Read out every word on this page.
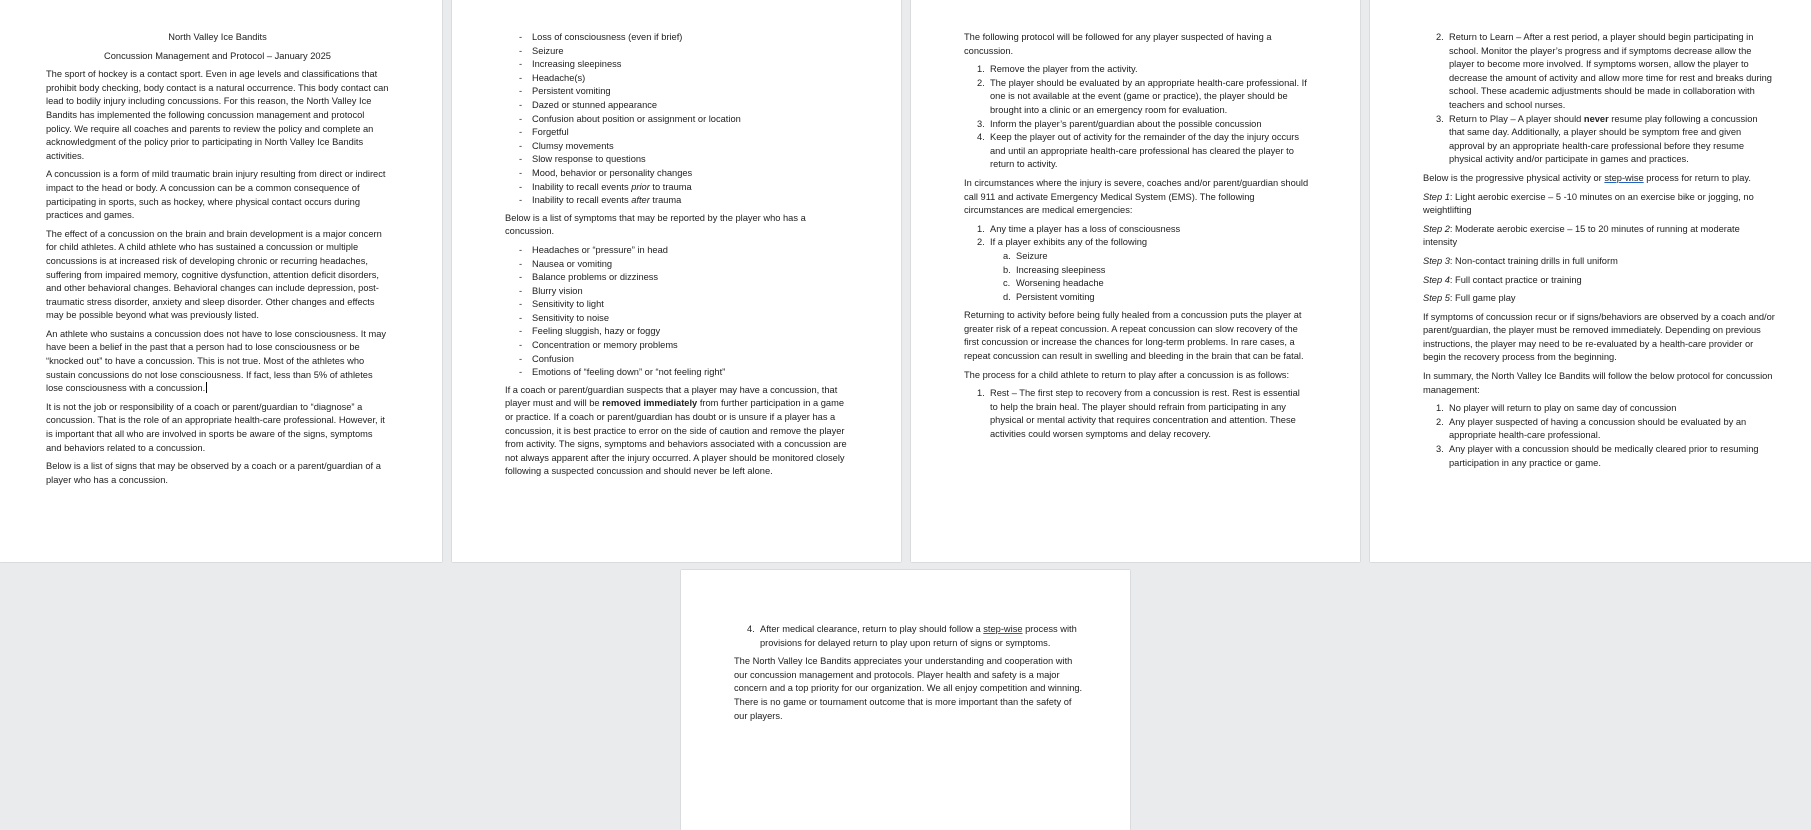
North Valley Ice Bandits

Concussion Management and Protocol – January 2025

The sport of hockey is a contact sport. Even in age levels and classifications that prohibit body checking, body contact is a natural occurrence. This body contact can lead to bodily injury including concussions. For this reason, the North Valley Ice Bandits has implemented the following concussion management and protocol policy. We require all coaches and parents to review the policy and complete an acknowledgment of the policy prior to participating in North Valley Ice Bandits activities.

A concussion is a form of mild traumatic brain injury resulting from direct or indirect impact to the head or body. A concussion can be a common consequence of participating in sports, such as hockey, where physical contact occurs during practices and games.

The effect of a concussion on the brain and brain development is a major concern for child athletes. A child athlete who has sustained a concussion or multiple concussions is at increased risk of developing chronic or recurring headaches, suffering from impaired memory, cognitive dysfunction, attention deficit disorders, and other behavioral changes. Behavioral changes can include depression, post-traumatic stress disorder, anxiety and sleep disorder. Other changes and effects may be possible beyond what was previously listed.

An athlete who sustains a concussion does not have to lose consciousness. It may have been a belief in the past that a person had to lose consciousness or be “knocked out” to have a concussion. This is not true. Most of the athletes who sustain concussions do not lose consciousness. If fact, less than 5% of athletes lose consciousness with a concussion.

It is not the job or responsibility of a coach or parent/guardian to “diagnose” a concussion. That is the role of an appropriate health-care professional. However, it is important that all who are involved in sports be aware of the signs, symptoms and behaviors related to a concussion.

Below is a list of signs that may be observed by a coach or a parent/guardian of a player who has a concussion.

- Loss of consciousness (even if brief)
- Seizure
- Increasing sleepiness
- Headache(s)
- Persistent vomiting
- Dazed or stunned appearance
- Confusion about position or assignment or location
- Forgetful
- Clumsy movements
- Slow response to questions
- Mood, behavior or personality changes
- Inability to recall events prior to trauma
- Inability to recall events after trauma

Below is a list of symptoms that may be reported by the player who has a concussion.

- Headaches or “pressure” in head
- Nausea or vomiting
- Balance problems or dizziness
- Blurry vision
- Sensitivity to light
- Sensitivity to noise
- Feeling sluggish, hazy or foggy
- Concentration or memory problems
- Confusion
- Emotions of “feeling down” or “not feeling right”

If a coach or parent/guardian suspects that a player may have a concussion, that player must and will be removed immediately from further participation in a game or practice. If a coach or parent/guardian has doubt or is unsure if a player has a concussion, it is best practice to error on the side of caution and remove the player from activity. The signs, symptoms and behaviors associated with a concussion are not always apparent after the injury occurred. A player should be monitored closely following a suspected concussion and should never be left alone.

The following protocol will be followed for any player suspected of having a concussion.

1. Remove the player from the activity.
2. The player should be evaluated by an appropriate health-care professional. If one is not available at the event (game or practice), the player should be brought into a clinic or an emergency room for evaluation.
3. Inform the player’s parent/guardian about the possible concussion
4. Keep the player out of activity for the remainder of the day the injury occurs and until an appropriate health-care professional has cleared the player to return to activity.

In circumstances where the injury is severe, coaches and/or parent/guardian should call 911 and activate Emergency Medical System (EMS). The following circumstances are medical emergencies:

1. Any time a player has a loss of consciousness
2. If a player exhibits any of the following
a. Seizure
b. Increasing sleepiness
c. Worsening headache
d. Persistent vomiting

Returning to activity before being fully healed from a concussion puts the player at greater risk of a repeat concussion. A repeat concussion can slow recovery of the first concussion or increase the chances for long-term problems. In rare cases, a repeat concussion can result in swelling and bleeding in the brain that can be fatal.

The process for a child athlete to return to play after a concussion is as follows:

1. Rest – The first step to recovery from a concussion is rest. Rest is essential to help the brain heal. The player should refrain from participating in any physical or mental activity that requires concentration and attention. These activities could worsen symptoms and delay recovery.
2. Return to Learn – After a rest period, a player should begin participating in school. Monitor the player’s progress and if symptoms decrease allow the player to become more involved. If symptoms worsen, allow the player to decrease the amount of activity and allow more time for rest and breaks during school. These academic adjustments should be made in collaboration with teachers and school nurses.
3. Return to Play – A player should never resume play following a concussion that same day. Additionally, a player should be symptom free and given approval by an appropriate health-care professional before they resume physical activity and/or participate in games and practices.

Below is the progressive physical activity or step-wise process for return to play.

Step 1: Light aerobic exercise – 5 -10 minutes on an exercise bike or jogging, no weightlifting

Step 2: Moderate aerobic exercise – 15 to 20 minutes of running at moderate intensity

Step 3: Non-contact training drills in full uniform

Step 4: Full contact practice or training

Step 5: Full game play

If symptoms of concussion recur or if signs/behaviors are observed by a coach and/or parent/guardian, the player must be removed immediately. Depending on previous instructions, the player may need to be re-evaluated by a health-care provider or begin the recovery process from the beginning.

In summary, the North Valley Ice Bandits will follow the below protocol for concussion management:

1. No player will return to play on same day of concussion
2. Any player suspected of having a concussion should be evaluated by an appropriate health-care professional.
3. Any player with a concussion should be medically cleared prior to resuming participation in any practice or game.
4. After medical clearance, return to play should follow a step-wise process with provisions for delayed return to play upon return of signs or symptoms.

The North Valley Ice Bandits appreciates your understanding and cooperation with our concussion management and protocols. Player health and safety is a major concern and a top priority for our organization. We all enjoy competition and winning. There is no game or tournament outcome that is more important than the safety of our players.
